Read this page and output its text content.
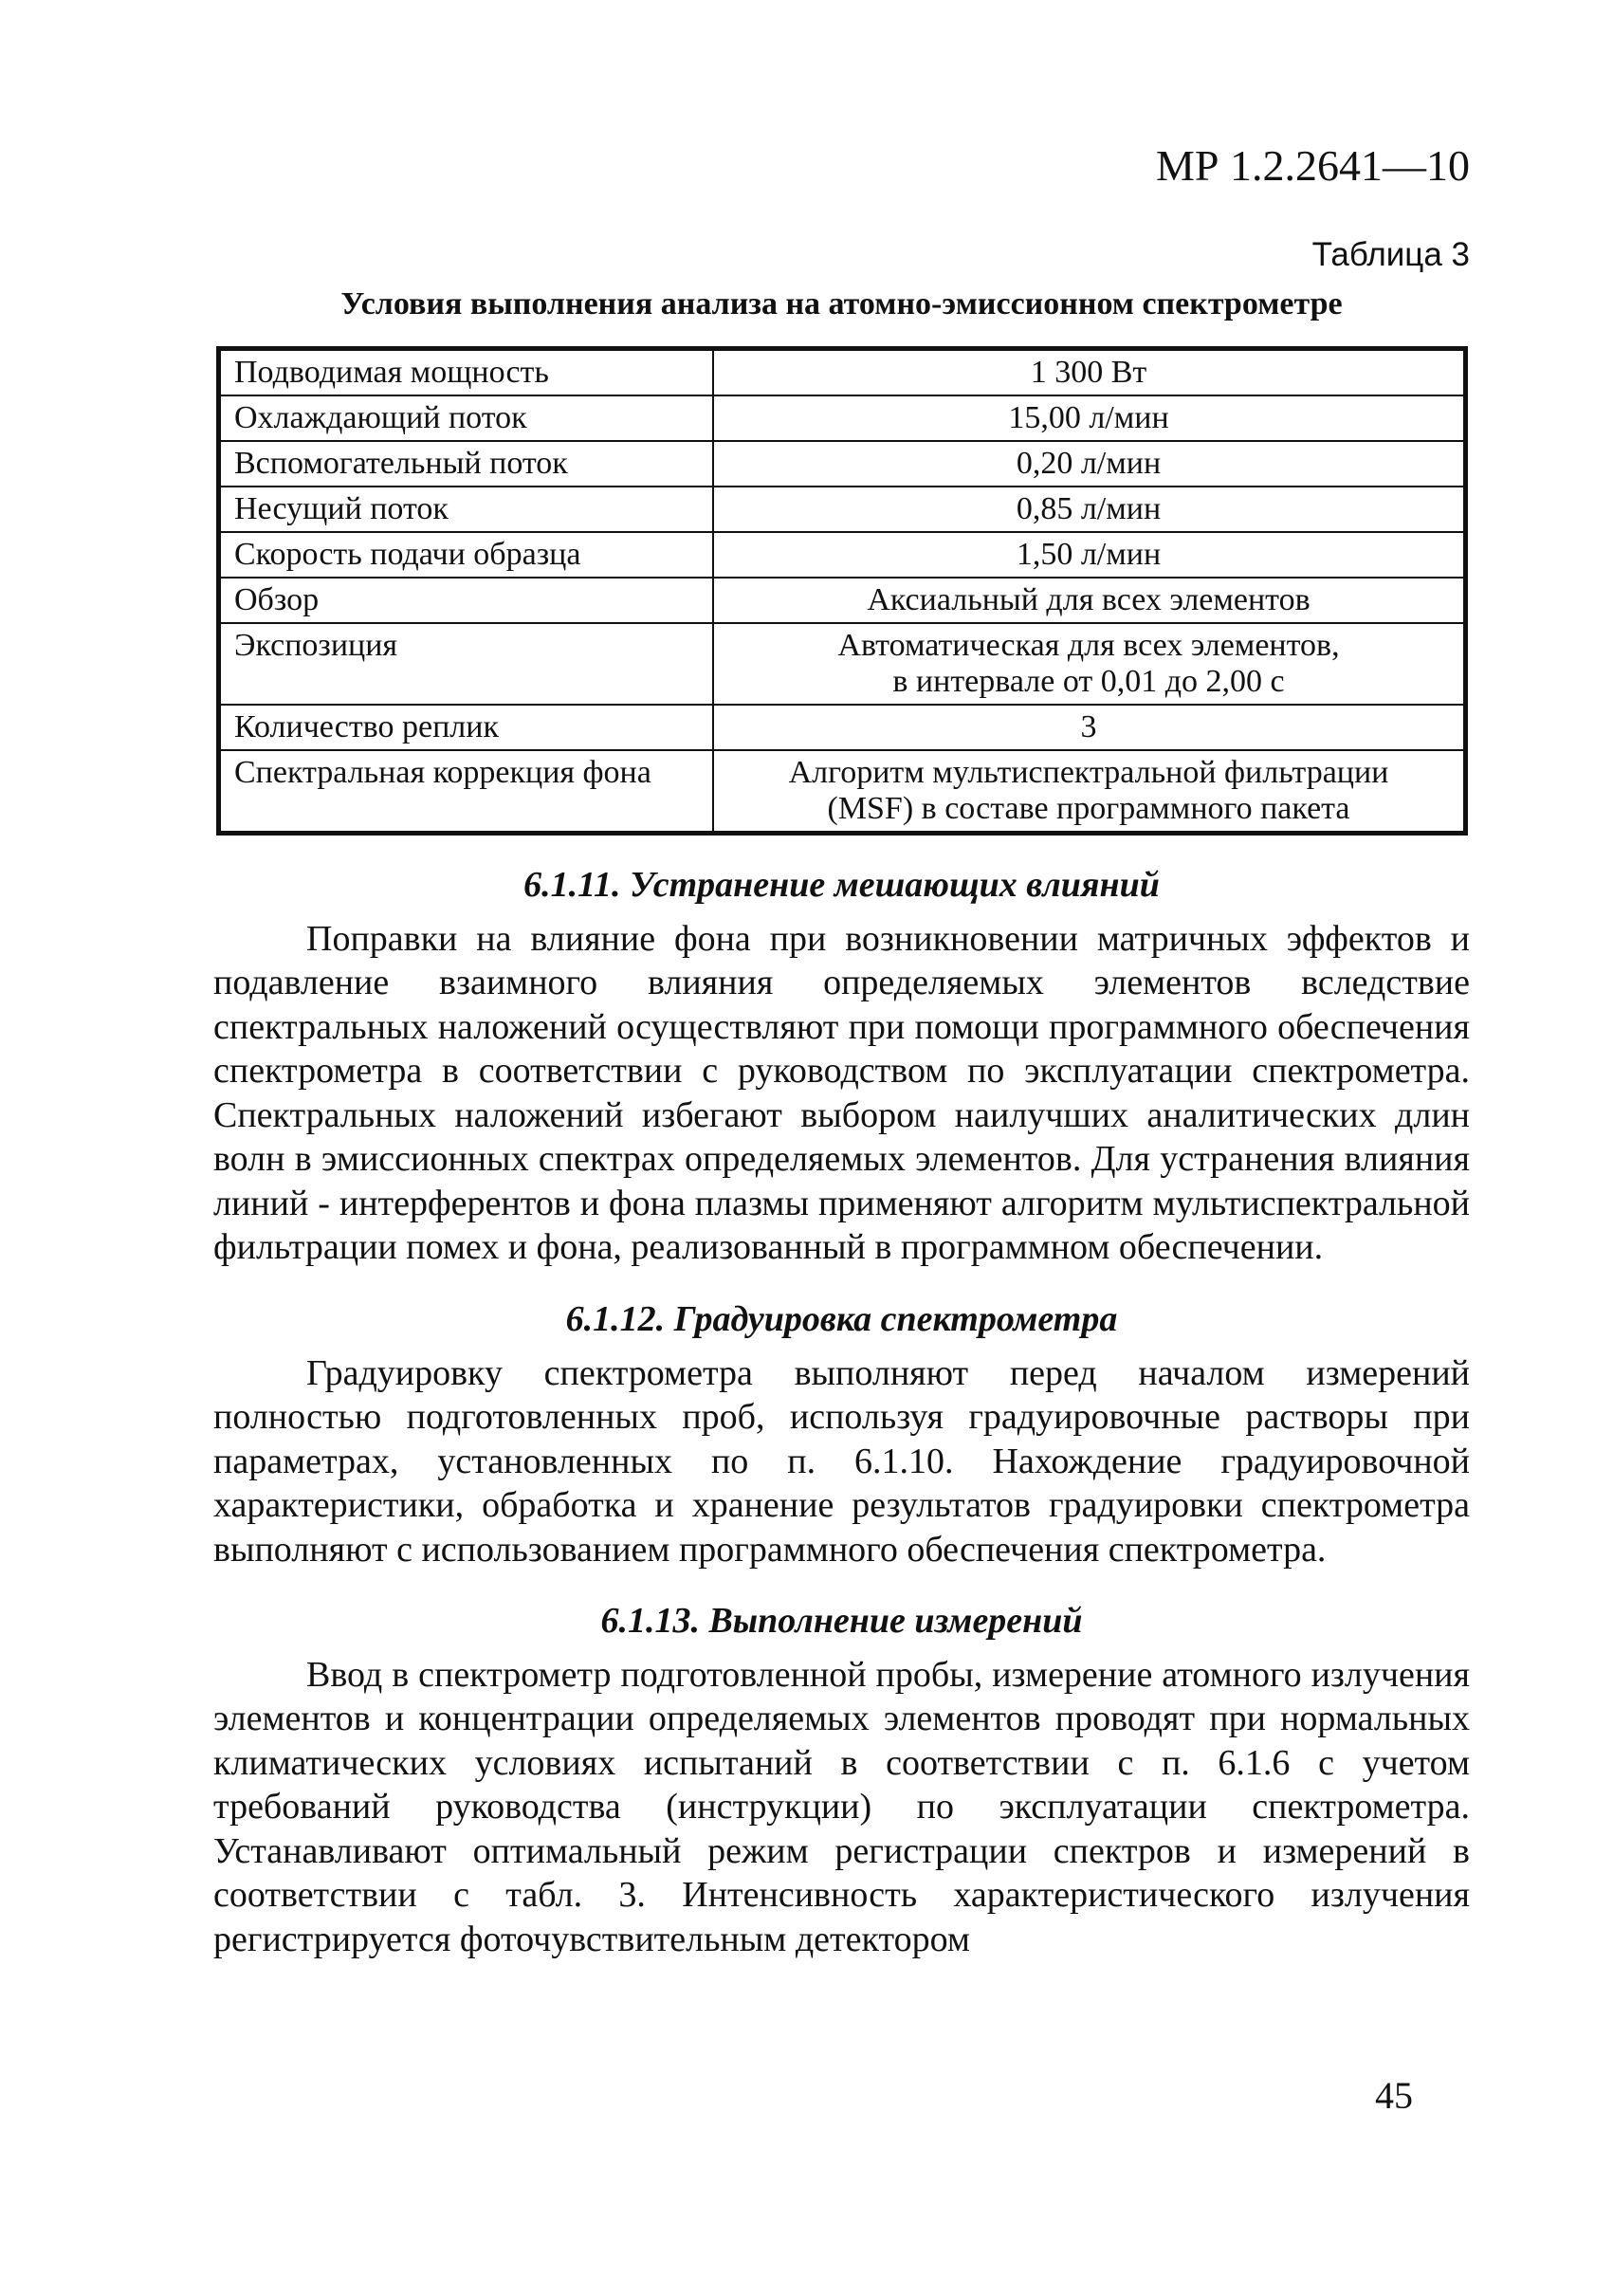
МР 1.2.2641—10

Таблица 3

Условия выполнения анализа на атомно-эмиссионном спектрометре

Подводимая мощность	1 300 Вт
Охлаждающий поток	15,00 л/мин
Вспомогательный поток	0,20 л/мин
Несущий поток	0,85 л/мин
Скорость подачи образца	1,50 л/мин
Обзор	Аксиальный для всех элементов
Экспозиция	Автоматическая для всех элементов,
в интервале от 0,01 до 2,00 с

Количество реплик	3
Спектральная коррекция фона	Алгоритм мультиспектральной фильтрации
(MSF) в составе программного пакета
6.1.11. Устранение мешающих влияний

Поправки на влияние фона при возникновении матричных эффектов и подавление взаимного влияния определяемых элементов вследствие спектральных наложений осуществляют при помощи программного обеспечения спектрометра в соответствии с руководством по эксплуатации спектрометра. Спектральных наложений избегают выбором наилучших аналитических длин волн в эмиссионных спектрах определяемых элементов. Для устранения влияния линий - интерферентов и фона плазмы применяют алгоритм мультиспектральной фильтрации помех и фона, реализованный в программном обеспечении.

6.1.12. Градуировка спектрометра

Градуировку спектрометра выполняют перед началом измерений полностью подготовленных проб, используя градуировочные растворы при параметрах, установленных по п. 6.1.10. Нахождение градуировочной характеристики, обработка и хранение результатов градуировки спектрометра выполняют с использованием программного обеспечения спектрометра.

6.1.13. Выполнение измерений

Ввод в спектрометр подготовленной пробы, измерение атомного излучения элементов и концентрации определяемых элементов проводят при нормальных климатических условиях испытаний в соответствии с п. 6.1.6 с учетом требований руководства (инструкции) по эксплуатации спектрометра. Устанавливают оптимальный режим регистрации спектров и измерений в соответствии с табл. 3. Интенсивность характеристического излучения регистрируется фоточувствительным детектором

45
